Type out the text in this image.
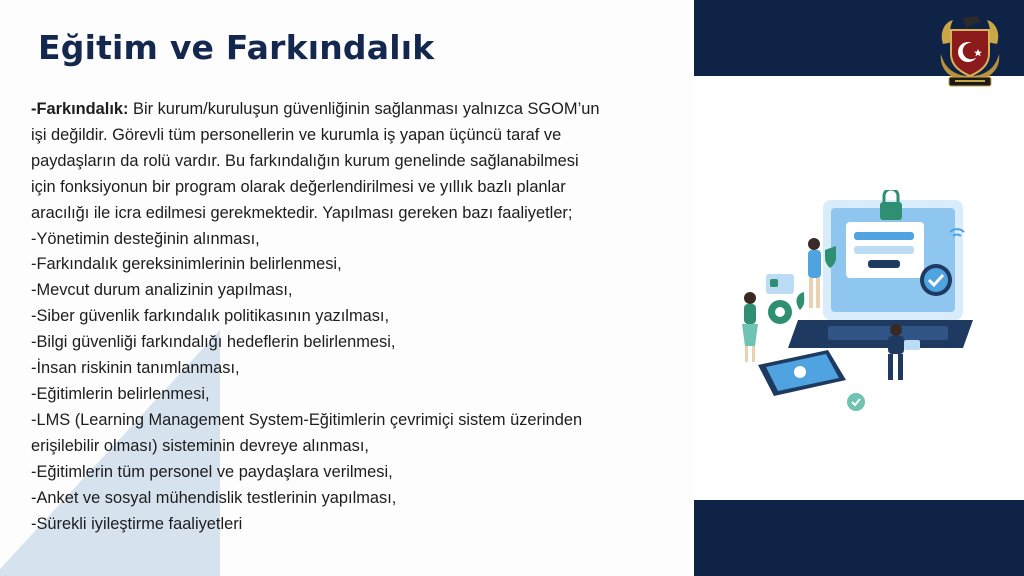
Eğitim ve Farkındalık
-Farkındalık: Bir kurum/kuruluşun güvenliğinin sağlanması yalnızca SGOM’un
işi değildir. Görevli tüm personellerin ve kurumla iş yapan üçüncü taraf ve
paydaşların da rolü vardır. Bu farkındalığın kurum genelinde sağlanabilmesi
için fonksiyonun bir program olarak değerlendirilmesi ve yıllık bazlı planlar
aracılığı ile icra edilmesi gerekmektedir. Yapılması gereken bazı faaliyetler;
-Yönetimin desteğinin alınması,
-Farkındalık gereksinimlerinin belirlenmesi,
-Mevcut durum analizinin yapılması,
-Siber güvenlik farkındalık politikasının yazılması,
-Bilgi güvenliği farkındalığı hedeflerin belirlenmesi,
-İnsan riskinin tanımlanması,
-Eğitimlerin belirlenmesi,
-LMS (Learning Management System-Eğitimlerin çevrimiçi sistem üzerinden
erişilebilir olması) sisteminin devreye alınması,
-Eğitimlerin tüm personel ve paydaşlara verilmesi,
-Anket ve sosyal mühendislik testlerinin yapılması,
-Sürekli iyileştirme faaliyetleri
